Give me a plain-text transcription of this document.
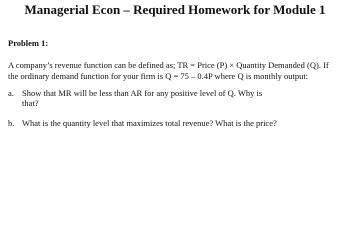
Managerial Econ – Required Homework for Module 1
Problem 1:
A company’s revenue function can be defined as; TR = Price (P) × Quantity Demanded (Q). If
the ordinary demand function for your firm is Q = 75 – 0.4P where Q is monthly output:
a. Show that MR will be less than AR for any positive level of Q. Why is
that?
b. What is the quantity level that maximizes total revenue? What is the price?
